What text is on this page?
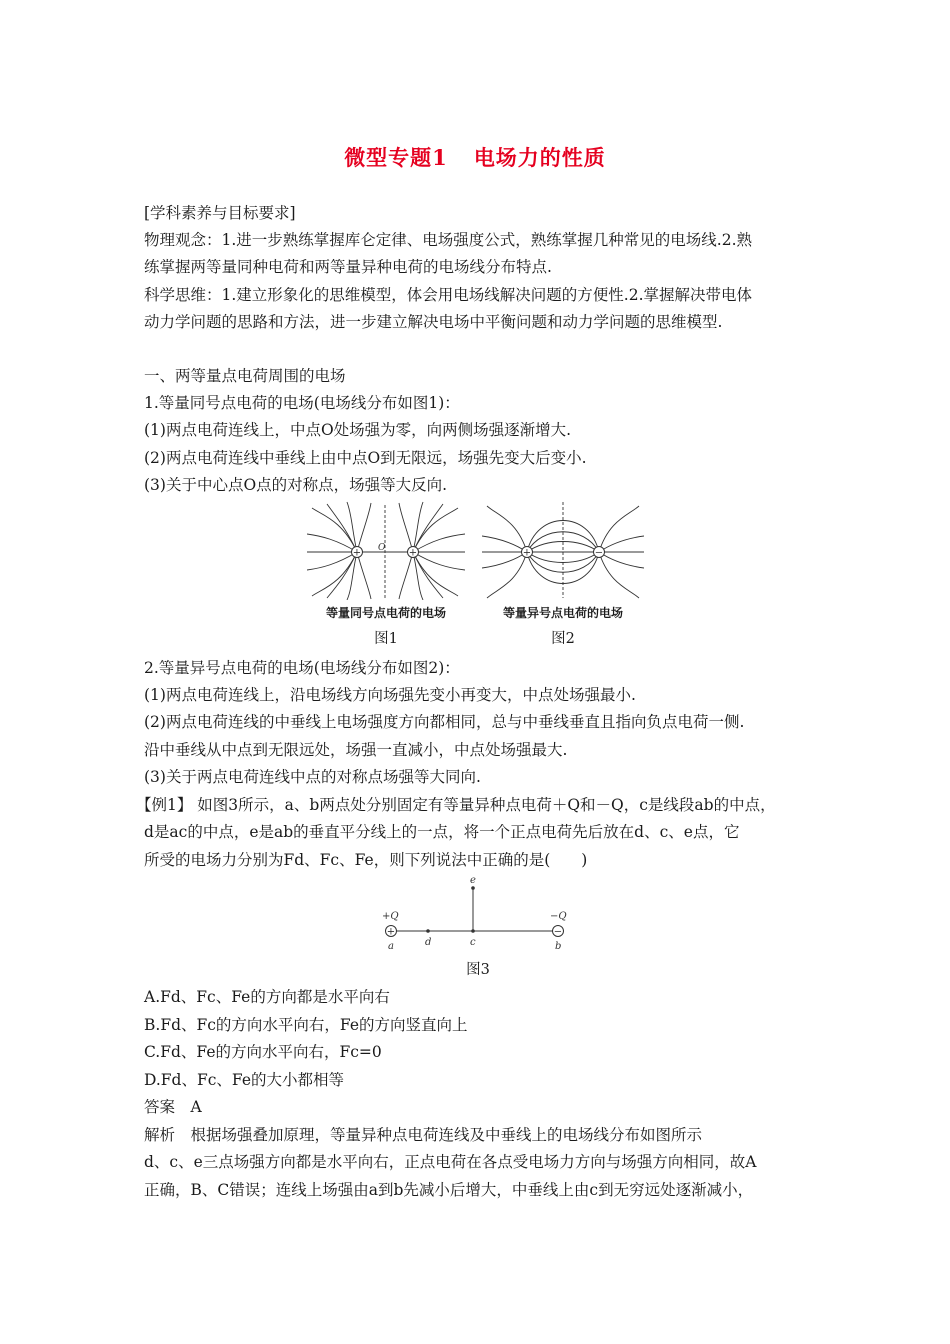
微型专题1 电场力的性质
[学科素养与目标要求]
物理观念：1.进一步熟练掌握库仑定律、电场强度公式，熟练掌握几种常见的电场线.2.熟
练掌握两等量同种电荷和两等量异种电荷的电场线分布特点.
科学思维：1.建立形象化的思维模型，体会用电场线解决问题的方便性.2.掌握解决带电体
动力学问题的思路和方法，进一步建立解决电场中平衡问题和动力学问题的思维模型.
一、两等量点电荷周围的电场
1.等量同号点电荷的电场(电场线分布如图1)：
(1)两点电荷连线上，中点O处场强为零，向两侧场强逐渐增大.
(2)两点电荷连线中垂线上由中点O到无限远，场强先变大后变小.
(3)关于中心点O点的对称点，场强等大反向.
+	+
O
等量同号点电荷的电场
图1
+	−
等量异号点电荷的电场
图2
2.等量异号点电荷的电场(电场线分布如图2)：
(1)两点电荷连线上，沿电场线方向场强先变小再变大，中点处场强最小.
(2)两点电荷连线的中垂线上电场强度方向都相同，总与中垂线垂直且指向负点电荷一侧.
沿中垂线从中点到无限远处，场强一直减小，中点处场强最大.
(3)关于两点电荷连线中点的对称点场强等大同向.
【例1】 如图3所示，a、b两点处分别固定有等量异种点电荷＋Q和－Q，c是线段ab的中点，
d是ac的中点，e是ab的垂直平分线上的一点，将一个正点电荷先后放在d、c、e点，它
所受的电场力分别为Fd、Fc、Fe，则下列说法中正确的是(　　)
+	−
+Q	−Q
a	d	c	b
e
图3
A.Fd、Fc、Fe的方向都是水平向右
B.Fd、Fc的方向水平向右，Fe的方向竖直向上
C.Fd、Fe的方向水平向右，Fc=0
D.Fd、Fc、Fe的大小都相等
答案　A
解析　根据场强叠加原理，等量异种点电荷连线及中垂线上的电场线分布如图所示
d、c、e三点场强方向都是水平向右，正点电荷在各点受电场力方向与场强方向相同，故A
正确，B、C错误；连线上场强由a到b先减小后增大，中垂线上由c到无穷远处逐渐减小，
